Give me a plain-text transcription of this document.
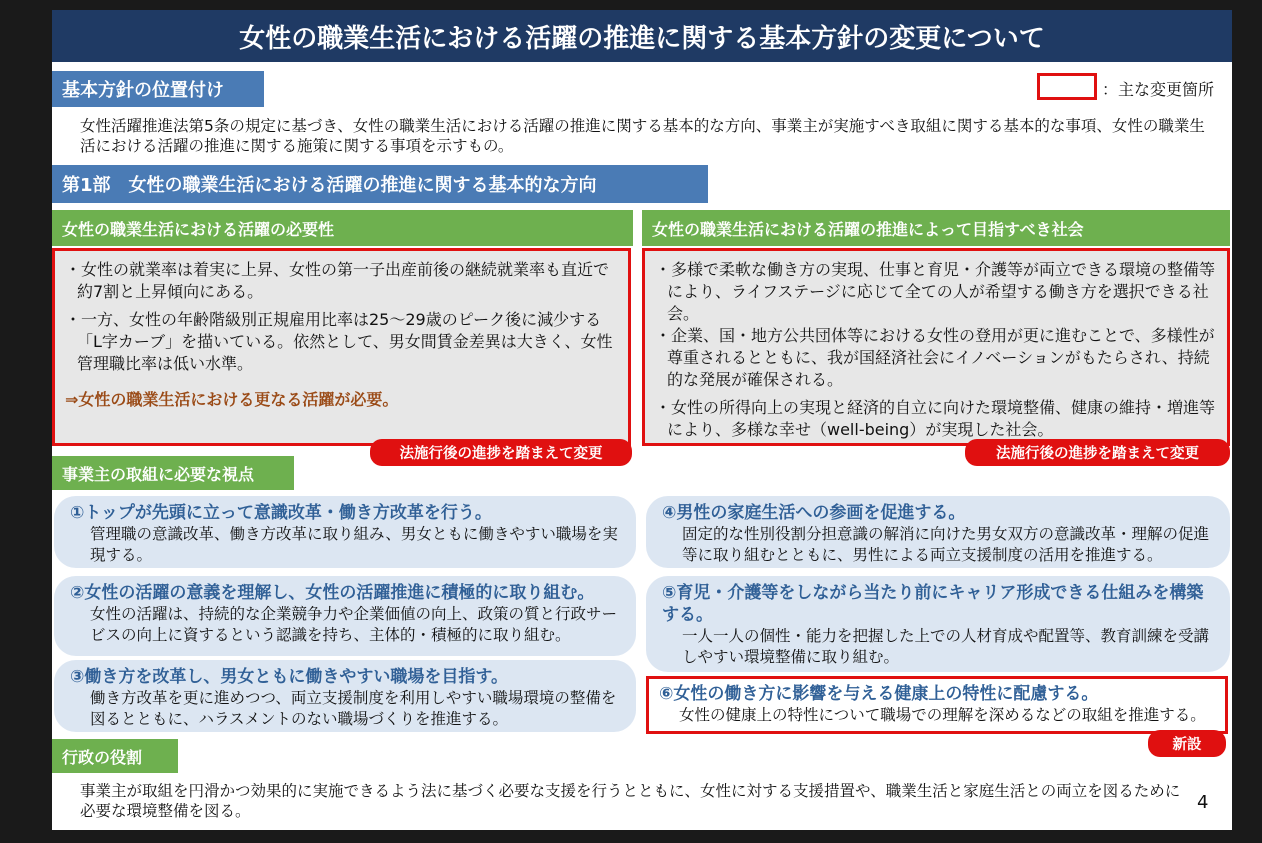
女性の職業生活における活躍の推進に関する基本方針の変更について
基本方針の位置付け	：主な変更箇所
女性活躍推進法第5条の規定に基づき、女性の職業生活における活躍の推進に関する基本的な方向、事業主が実施すべき取組に関する基本的な事項、女性の職業生活における活躍の推進に関する施策に関する事項を示すもの。
第1部　女性の職業生活における活躍の推進に関する基本的な方向
女性の職業生活における活躍の必要性

・女性の就業率は着実に上昇、女性の第一子出産前後の継続就業率も直近で約7割と上昇傾向にある。

・一方、女性の年齢階級別正規雇用比率は25～29歳のピーク後に減少する「L字カーブ」を描いている。依然として、男女間賃金差異は大きく、女性管理職比率は低い水準。

⇒女性の職業生活における更なる活躍が必要。

法施行後の進捗を踏まえて変更
女性の職業生活における活躍の推進によって目指すべき社会

・多様で柔軟な働き方の実現、仕事と育児・介護等が両立できる環境の整備等により、ライフステージに応じて全ての人が希望する働き方を選択できる社会。

・企業、国・地方公共団体等における女性の登用が更に進むことで、多様性が尊重されるとともに、我が国経済社会にイノベーションがもたらされ、持続的な発展が確保される。

・女性の所得向上の実現と経済的自立に向けた環境整備、健康の維持・増進等により、多様な幸せ（well-being）が実現した社会。

法施行後の進捗を踏まえて変更
事業主の取組に必要な視点
①トップが先頭に立って意識改革・働き方改革を行う。
管理職の意識改革、働き方改革に取り組み、男女ともに働きやすい職場を実現する。
②女性の活躍の意義を理解し、女性の活躍推進に積極的に取り組む。
女性の活躍は、持続的な企業競争力や企業価値の向上、政策の質と行政サービスの向上に資するという認識を持ち、主体的・積極的に取り組む。
③働き方を改革し、男女ともに働きやすい職場を目指す。
働き方改革を更に進めつつ、両立支援制度を利用しやすい職場環境の整備を図るとともに、ハラスメントのない職場づくりを推進する。
④男性の家庭生活への参画を促進する。
固定的な性別役割分担意識の解消に向けた男女双方の意識改革・理解の促進等に取り組むとともに、男性による両立支援制度の活用を推進する。
⑤育児・介護等をしながら当たり前にキャリア形成できる仕組みを構築する。
一人一人の個性・能力を把握した上での人材育成や配置等、教育訓練を受講しやすい環境整備に取り組む。
⑥女性の働き方に影響を与える健康上の特性に配慮する。
女性の健康上の特性について職場での理解を深めるなどの取組を推進する。
新設
行政の役割
事業主が取組を円滑かつ効果的に実施できるよう法に基づく必要な支援を行うとともに、女性に対する支援措置や、職業生活と家庭生活との両立を図るために必要な環境整備を図る。	4
